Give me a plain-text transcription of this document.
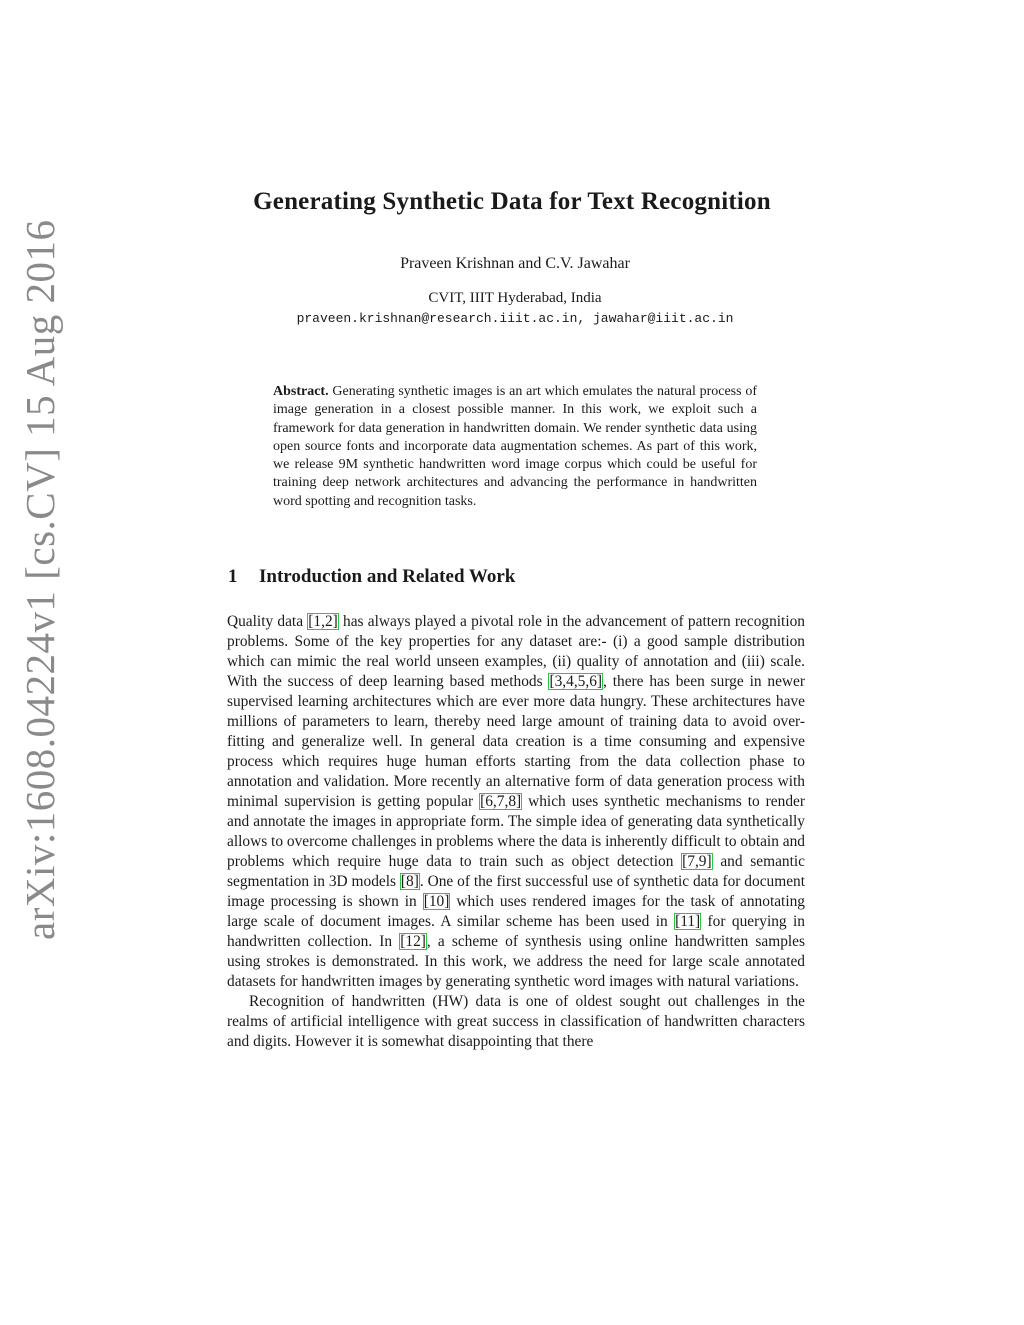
arXiv:1608.04224v1 [cs.CV] 15 Aug 2016
Generating Synthetic Data for Text Recognition
Praveen Krishnan and C.V. Jawahar
CVIT, IIIT Hyderabad, India
praveen.krishnan@research.iiit.ac.in, jawahar@iiit.ac.in
Abstract. Generating synthetic images is an art which emulates the natural process of image generation in a closest possible manner. In this work, we exploit such a framework for data generation in handwritten domain. We render synthetic data using open source fonts and incorporate data augmentation schemes. As part of this work, we release 9M synthetic handwritten word image corpus which could be useful for training deep network architectures and advancing the performance in handwritten word spotting and recognition tasks.
1 Introduction and Related Work

Quality data [1,2] has always played a pivotal role in the advancement of pattern recognition problems. Some of the key properties for any dataset are:- (i) a good sample distribution which can mimic the real world unseen examples, (ii) quality of annotation and (iii) scale. With the success of deep learning based methods [3,4,5,6], there has been surge in newer supervised learning architectures which are ever more data hungry. These architectures have millions of parameters to learn, thereby need large amount of training data to avoid over-fitting and generalize well. In general data creation is a time consuming and expensive process which requires huge human efforts starting from the data collection phase to annotation and validation. More recently an alternative form of data generation process with minimal supervision is getting popular [6,7,8] which uses synthetic mechanisms to render and annotate the images in appropriate form. The simple idea of generating data synthetically allows to overcome challenges in problems where the data is inherently difficult to obtain and problems which require huge data to train such as object detection [7,9] and semantic segmentation in 3D models [8]. One of the first successful use of synthetic data for document image processing is shown in [10] which uses rendered images for the task of annotating large scale of document images. A similar scheme has been used in [11] for querying in handwritten collection. In [12], a scheme of synthesis using online handwritten samples using strokes is demonstrated. In this work, we address the need for large scale annotated datasets for handwritten images by generating synthetic word images with natural variations.

Recognition of handwritten (HW) data is one of oldest sought out challenges in the realms of artificial intelligence with great success in classification of handwritten characters and digits. However it is somewhat disappointing that there
